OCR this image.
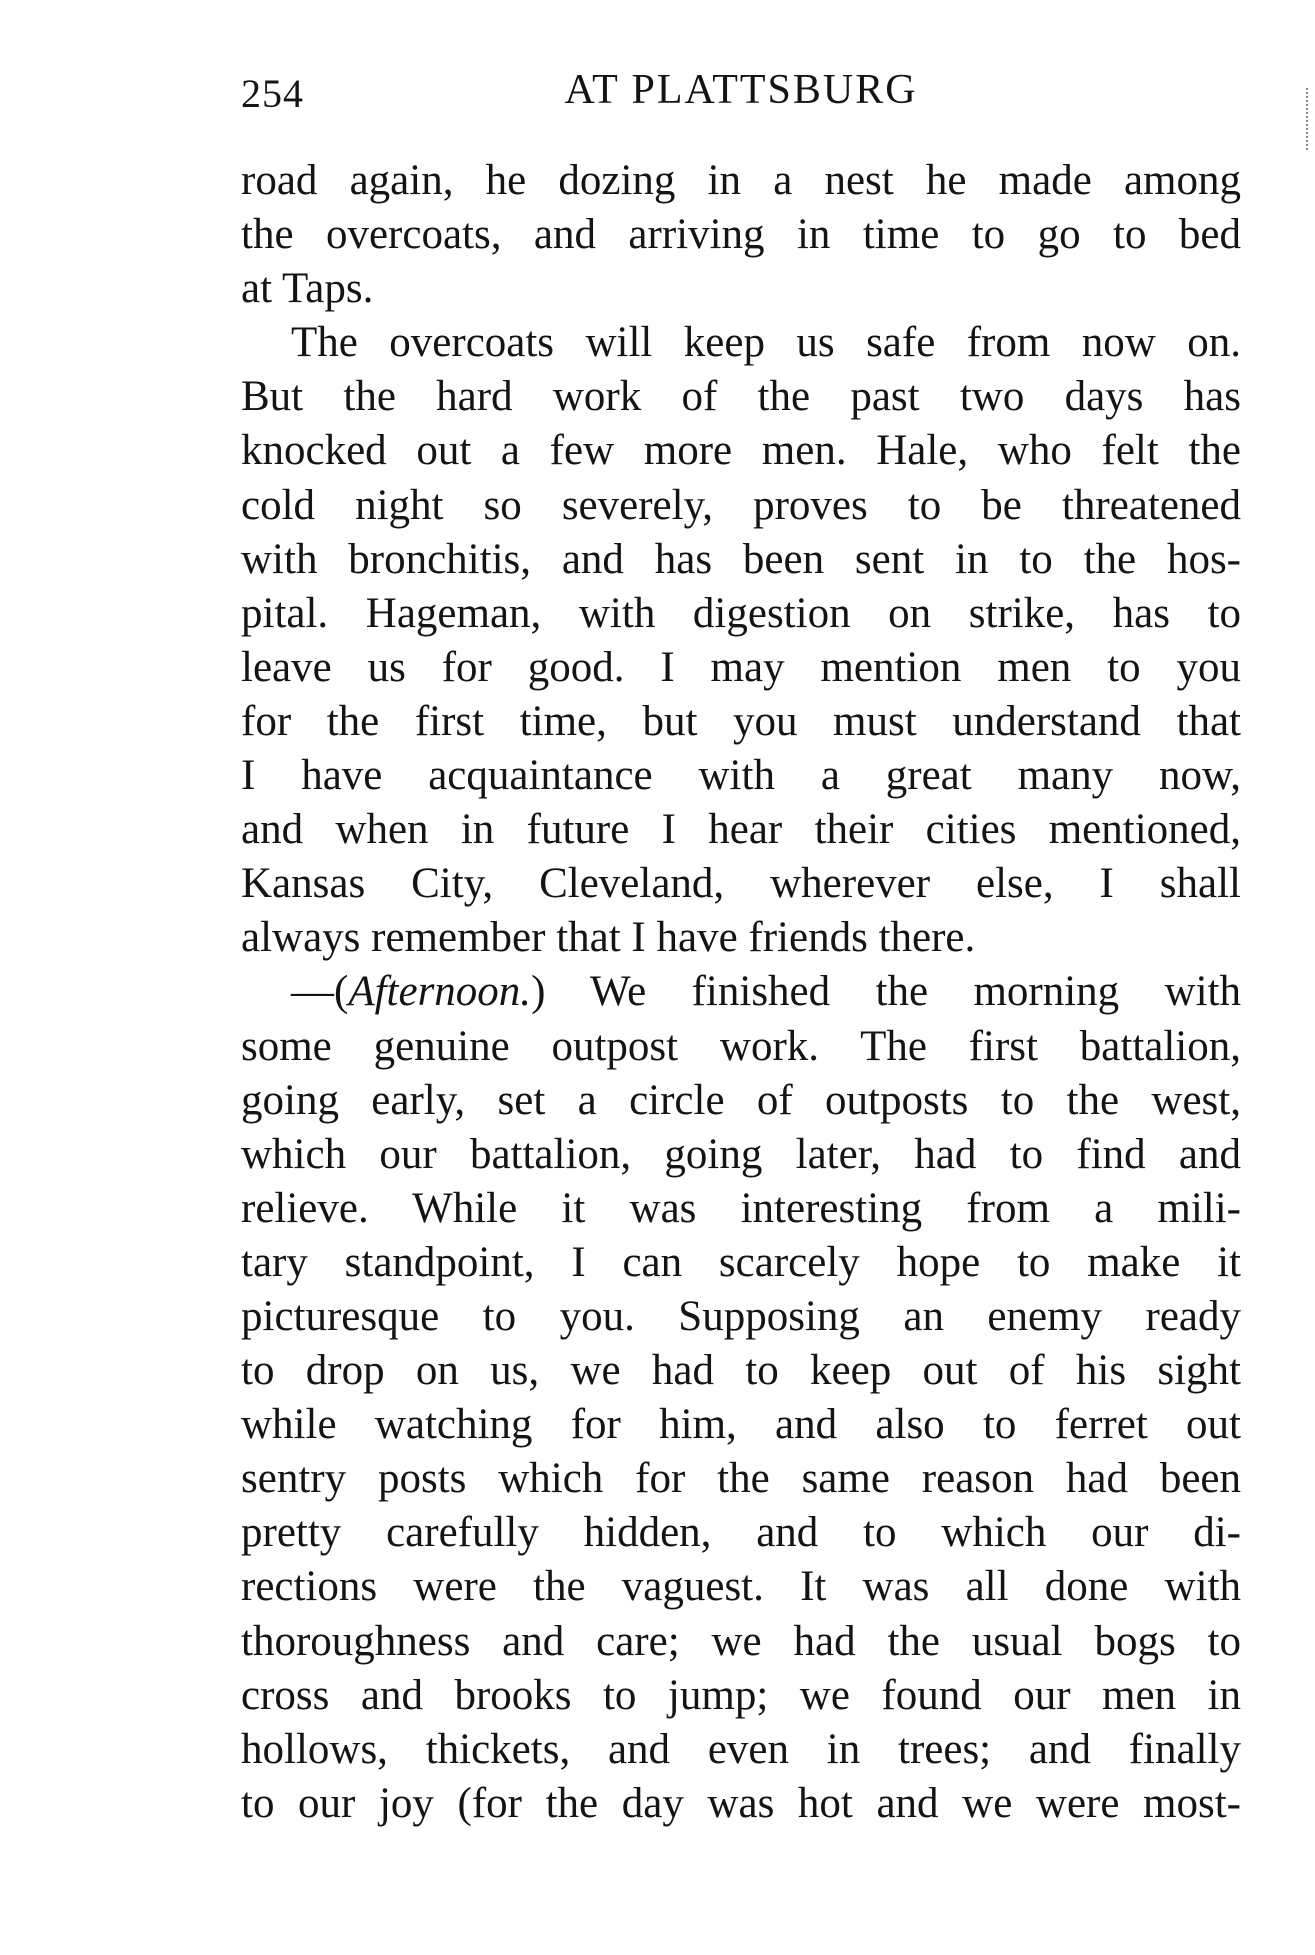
254	AT PLATTSBURG
road again, he dozing in a nest he made among
the overcoats, and arriving in time to go to bed
at Taps.
The overcoats will keep us safe from now on.
But the hard work of the past two days has
knocked out a few more men. Hale, who felt the
cold night so severely, proves to be threatened
with bronchitis, and has been sent in to the hos-
pital. Hageman, with digestion on strike, has to
leave us for good. I may mention men to you
for the first time, but you must understand that
I have acquaintance with a great many now,
and when in future I hear their cities mentioned,
Kansas City, Cleveland, wherever else, I shall
always remember that I have friends there.
—(Afternoon.) We finished the morning with
some genuine outpost work. The first battalion,
going early, set a circle of outposts to the west,
which our battalion, going later, had to find and
relieve. While it was interesting from a mili-
tary standpoint, I can scarcely hope to make it
picturesque to you. Supposing an enemy ready
to drop on us, we had to keep out of his sight
while watching for him, and also to ferret out
sentry posts which for the same reason had been
pretty carefully hidden, and to which our di-
rections were the vaguest. It was all done with
thoroughness and care; we had the usual bogs to
cross and brooks to jump; we found our men in
hollows, thickets, and even in trees; and finally
to our joy (for the day was hot and we were most-
